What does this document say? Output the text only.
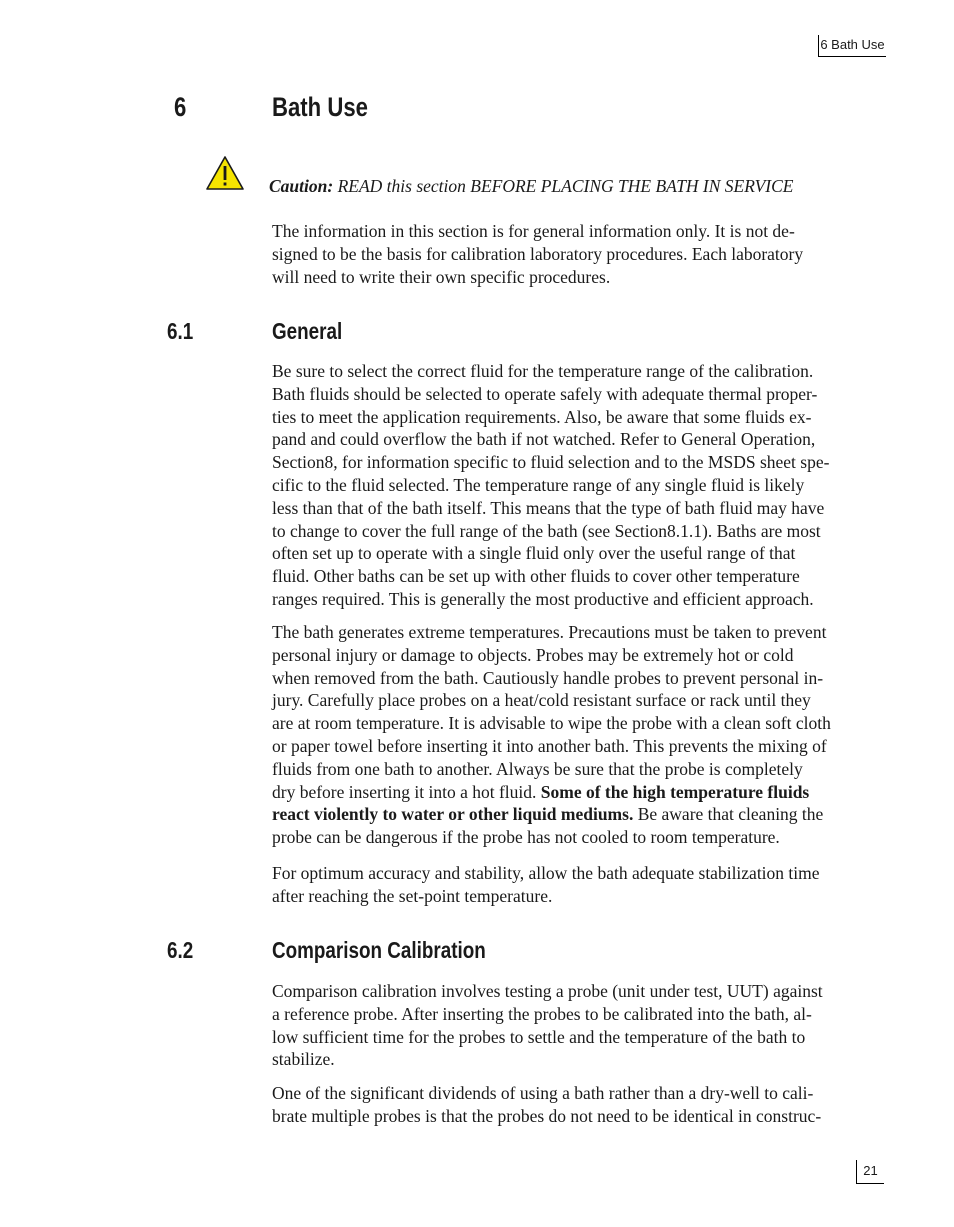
6 Bath Use
6	Bath Use
Caution: READ this section BEFORE PLACING THE BATH IN SERVICE
The information in this section is for general information only. It is not de-
signed to be the basis for calibration laboratory procedures. Each laboratory
will need to write their own specific procedures.
6.1	General
Be sure to select the correct fluid for the temperature range of the calibration.
Bath fluids should be selected to operate safely with adequate thermal proper-
ties to meet the application requirements. Also, be aware that some fluids ex-
pand and could overflow the bath if not watched. Refer to General Operation,
Section8, for information specific to fluid selection and to the MSDS sheet spe-
cific to the fluid selected. The temperature range of any single fluid is likely
less than that of the bath itself. This means that the type of bath fluid may have
to change to cover the full range of the bath (see Section8.1.1). Baths are most
often set up to operate with a single fluid only over the useful range of that
fluid. Other baths can be set up with other fluids to cover other temperature
ranges required. This is generally the most productive and efficient approach.
The bath generates extreme temperatures. Precautions must be taken to prevent
personal injury or damage to objects. Probes may be extremely hot or cold
when removed from the bath. Cautiously handle probes to prevent personal in-
jury. Carefully place probes on a heat/cold resistant surface or rack until they
are at room temperature. It is advisable to wipe the probe with a clean soft cloth
or paper towel before inserting it into another bath. This prevents the mixing of
fluids from one bath to another. Always be sure that the probe is completely
dry before inserting it into a hot fluid. Some of the high temperature fluids
react violently to water or other liquid mediums. Be aware that cleaning the
probe can be dangerous if the probe has not cooled to room temperature.
For optimum accuracy and stability, allow the bath adequate stabilization time
after reaching the set-point temperature.
6.2	Comparison Calibration
Comparison calibration involves testing a probe (unit under test, UUT) against
a reference probe. After inserting the probes to be calibrated into the bath, al-
low sufficient time for the probes to settle and the temperature of the bath to
stabilize.
One of the significant dividends of using a bath rather than a dry-well to cali-
brate multiple probes is that the probes do not need to be identical in construc-
21
